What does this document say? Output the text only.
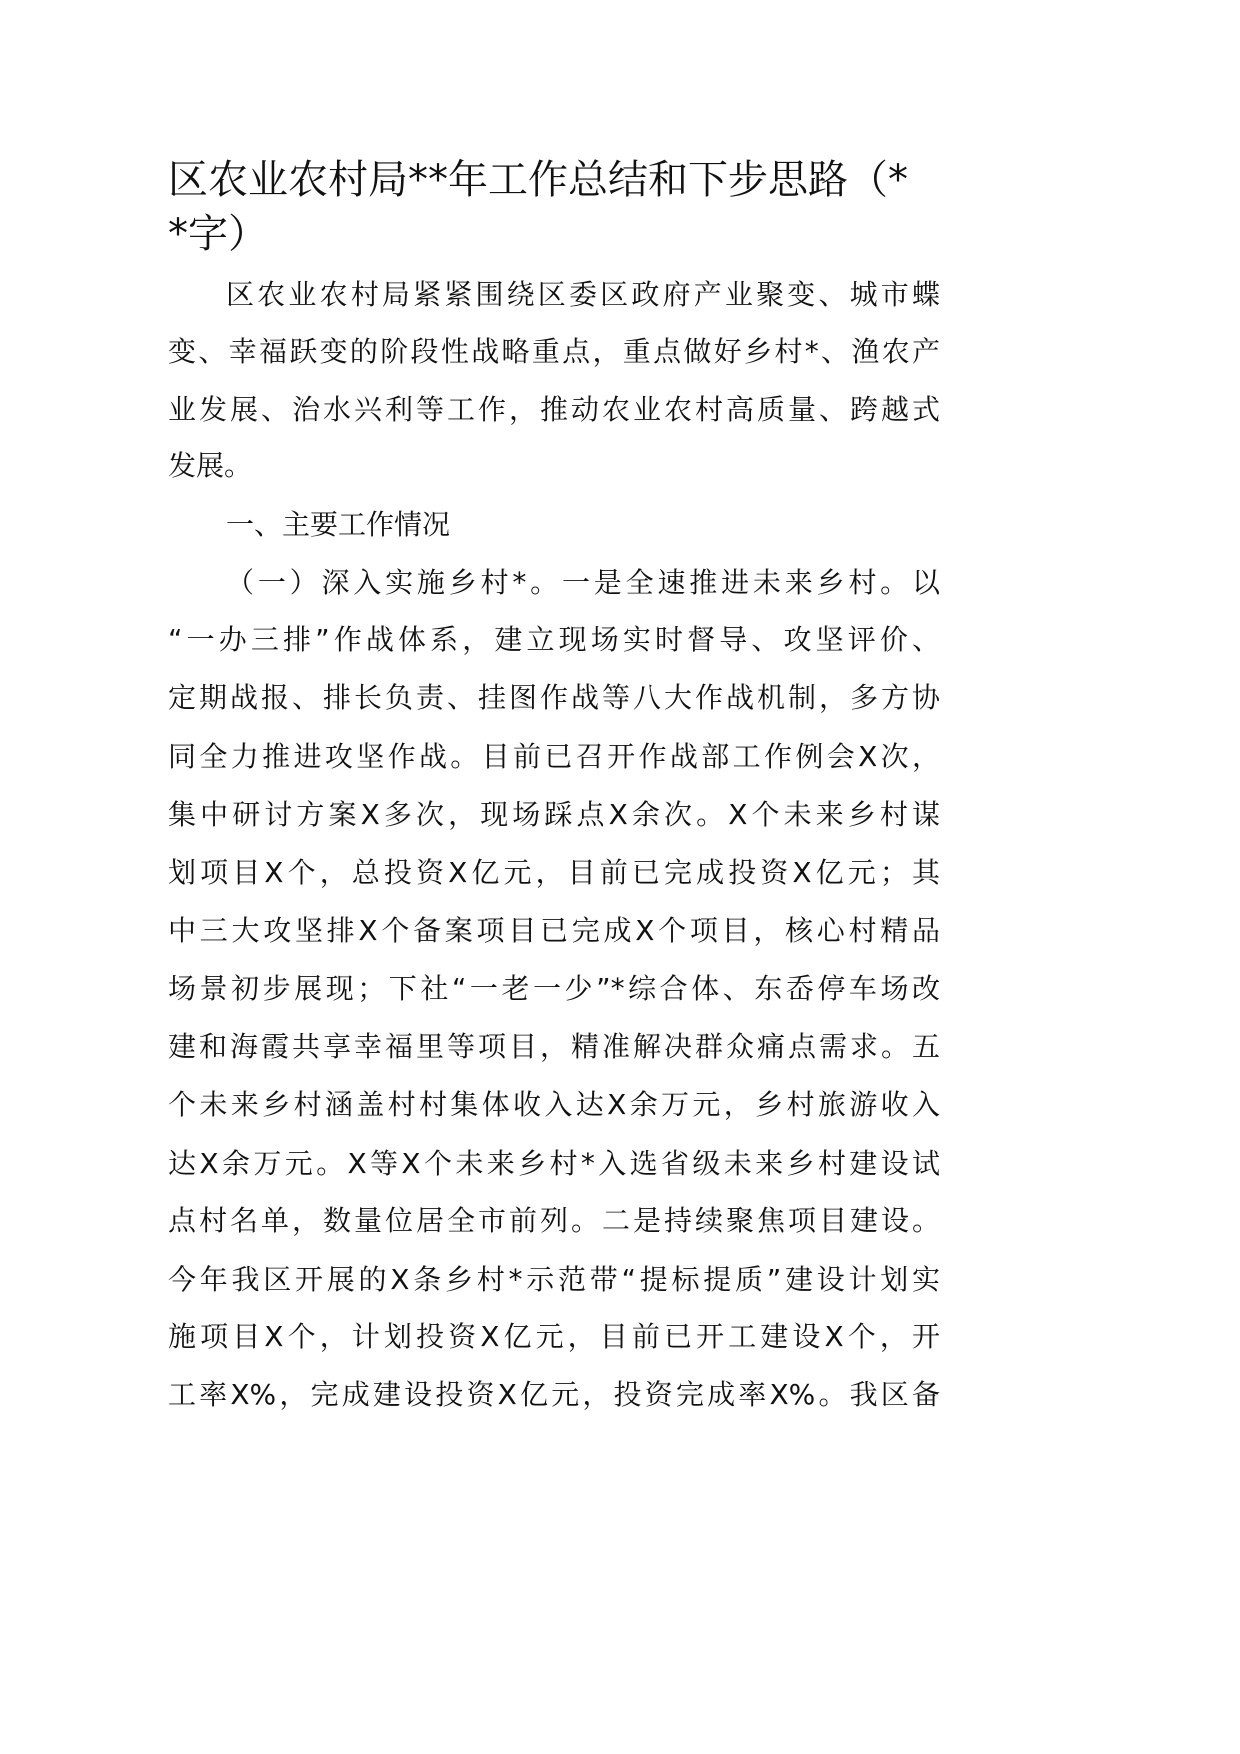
区农业农村局**年工作总结和下步思路（*
*字）
区农业农村局紧紧围绕区委区政府产业聚变、城市蝶
变、幸福跃变的阶段性战略重点，重点做好乡村*、渔农产
业发展、治水兴利等工作，推动农业农村高质量、跨越式
发展。
一、主要工作情况
（一）深入实施乡村*。一是全速推进未来乡村。以
“一办三排”作战体系，建立现场实时督导、攻坚评价、
定期战报、排长负责、挂图作战等八大作战机制，多方协
同全力推进攻坚作战。目前已召开作战部工作例会X次，
集中研讨方案X多次，现场踩点X余次。X个未来乡村谋
划项目X个，总投资X亿元，目前已完成投资X亿元；其
中三大攻坚排X个备案项目已完成X个项目，核心村精品
场景初步展现；下社“一老一少”*综合体、东岙停车场改
建和海霞共享幸福里等项目，精准解决群众痛点需求。五
个未来乡村涵盖村村集体收入达X余万元，乡村旅游收入
达X余万元。X等X个未来乡村*入选省级未来乡村建设试
点村名单，数量位居全市前列。二是持续聚焦项目建设。
今年我区开展的X条乡村*示范带“提标提质”建设计划实
施项目X个，计划投资X亿元，目前已开工建设X个，开
工率X%，完成建设投资X亿元，投资完成率X%。我区备
